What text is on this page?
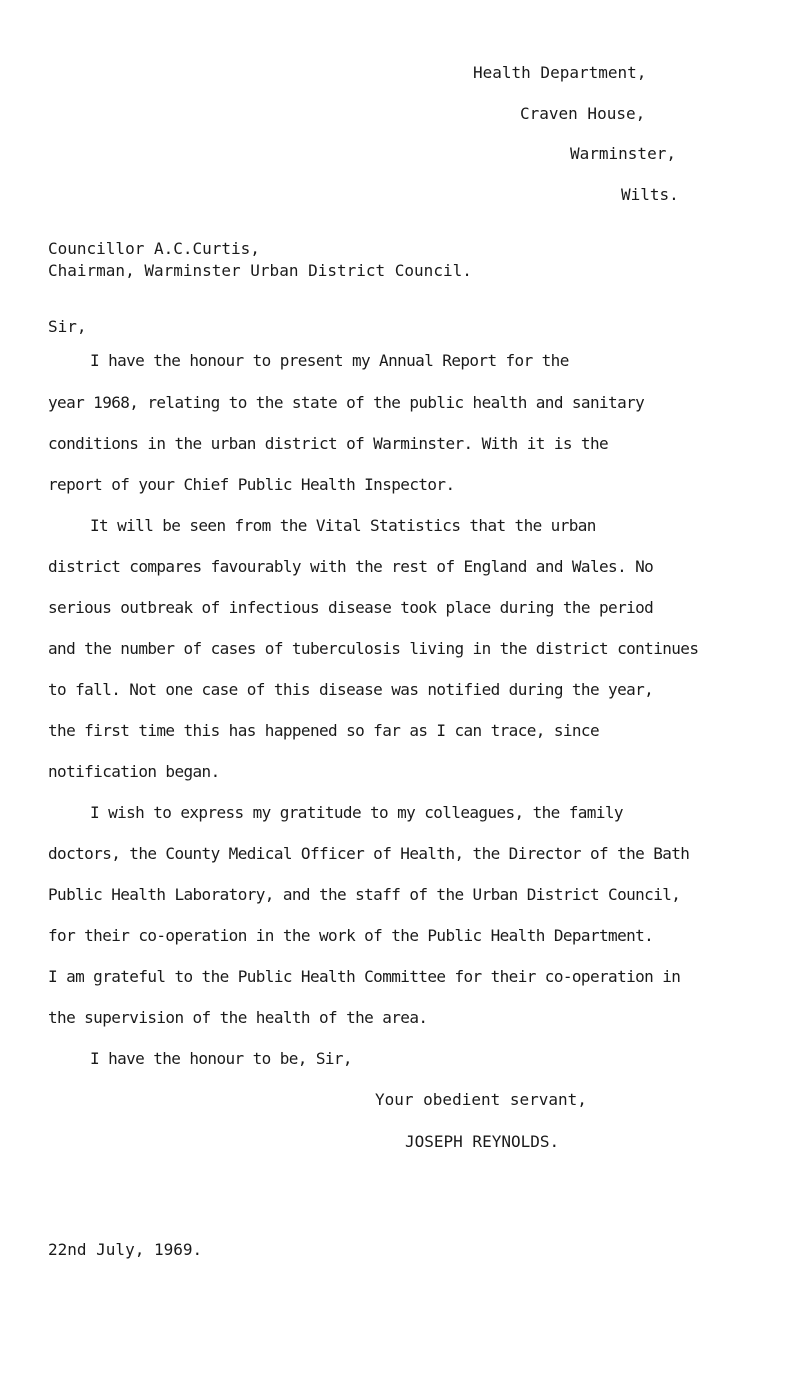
Health Department,
Craven House,
Warminster,
Wilts.
Councillor A.C.Curtis,
Chairman, Warminster Urban District Council.
Sir,
I have the honour to present my Annual Report for the
year 1968, relating to the state of the public health and sanitary
conditions in the urban district of Warminster. With it is the
report of your Chief Public Health Inspector.
It will be seen from the Vital Statistics that the urban
district compares favourably with the rest of England and Wales. No
serious outbreak of infectious disease took place during the period
and the number of cases of tuberculosis living in the district continues
to fall. Not one case of this disease was notified during the year,
the first time this has happened so far as I can trace, since
notification began.
I wish to express my gratitude to my colleagues, the family
doctors, the County Medical Officer of Health, the Director of the Bath
Public Health Laboratory, and the staff of the Urban District Council,
for their co-operation in the work of the Public Health Department.
I am grateful to the Public Health Committee for their co-operation in
the supervision of the health of the area.
I have the honour to be, Sir,
Your obedient servant,
JOSEPH REYNOLDS.
22nd July, 1969.
